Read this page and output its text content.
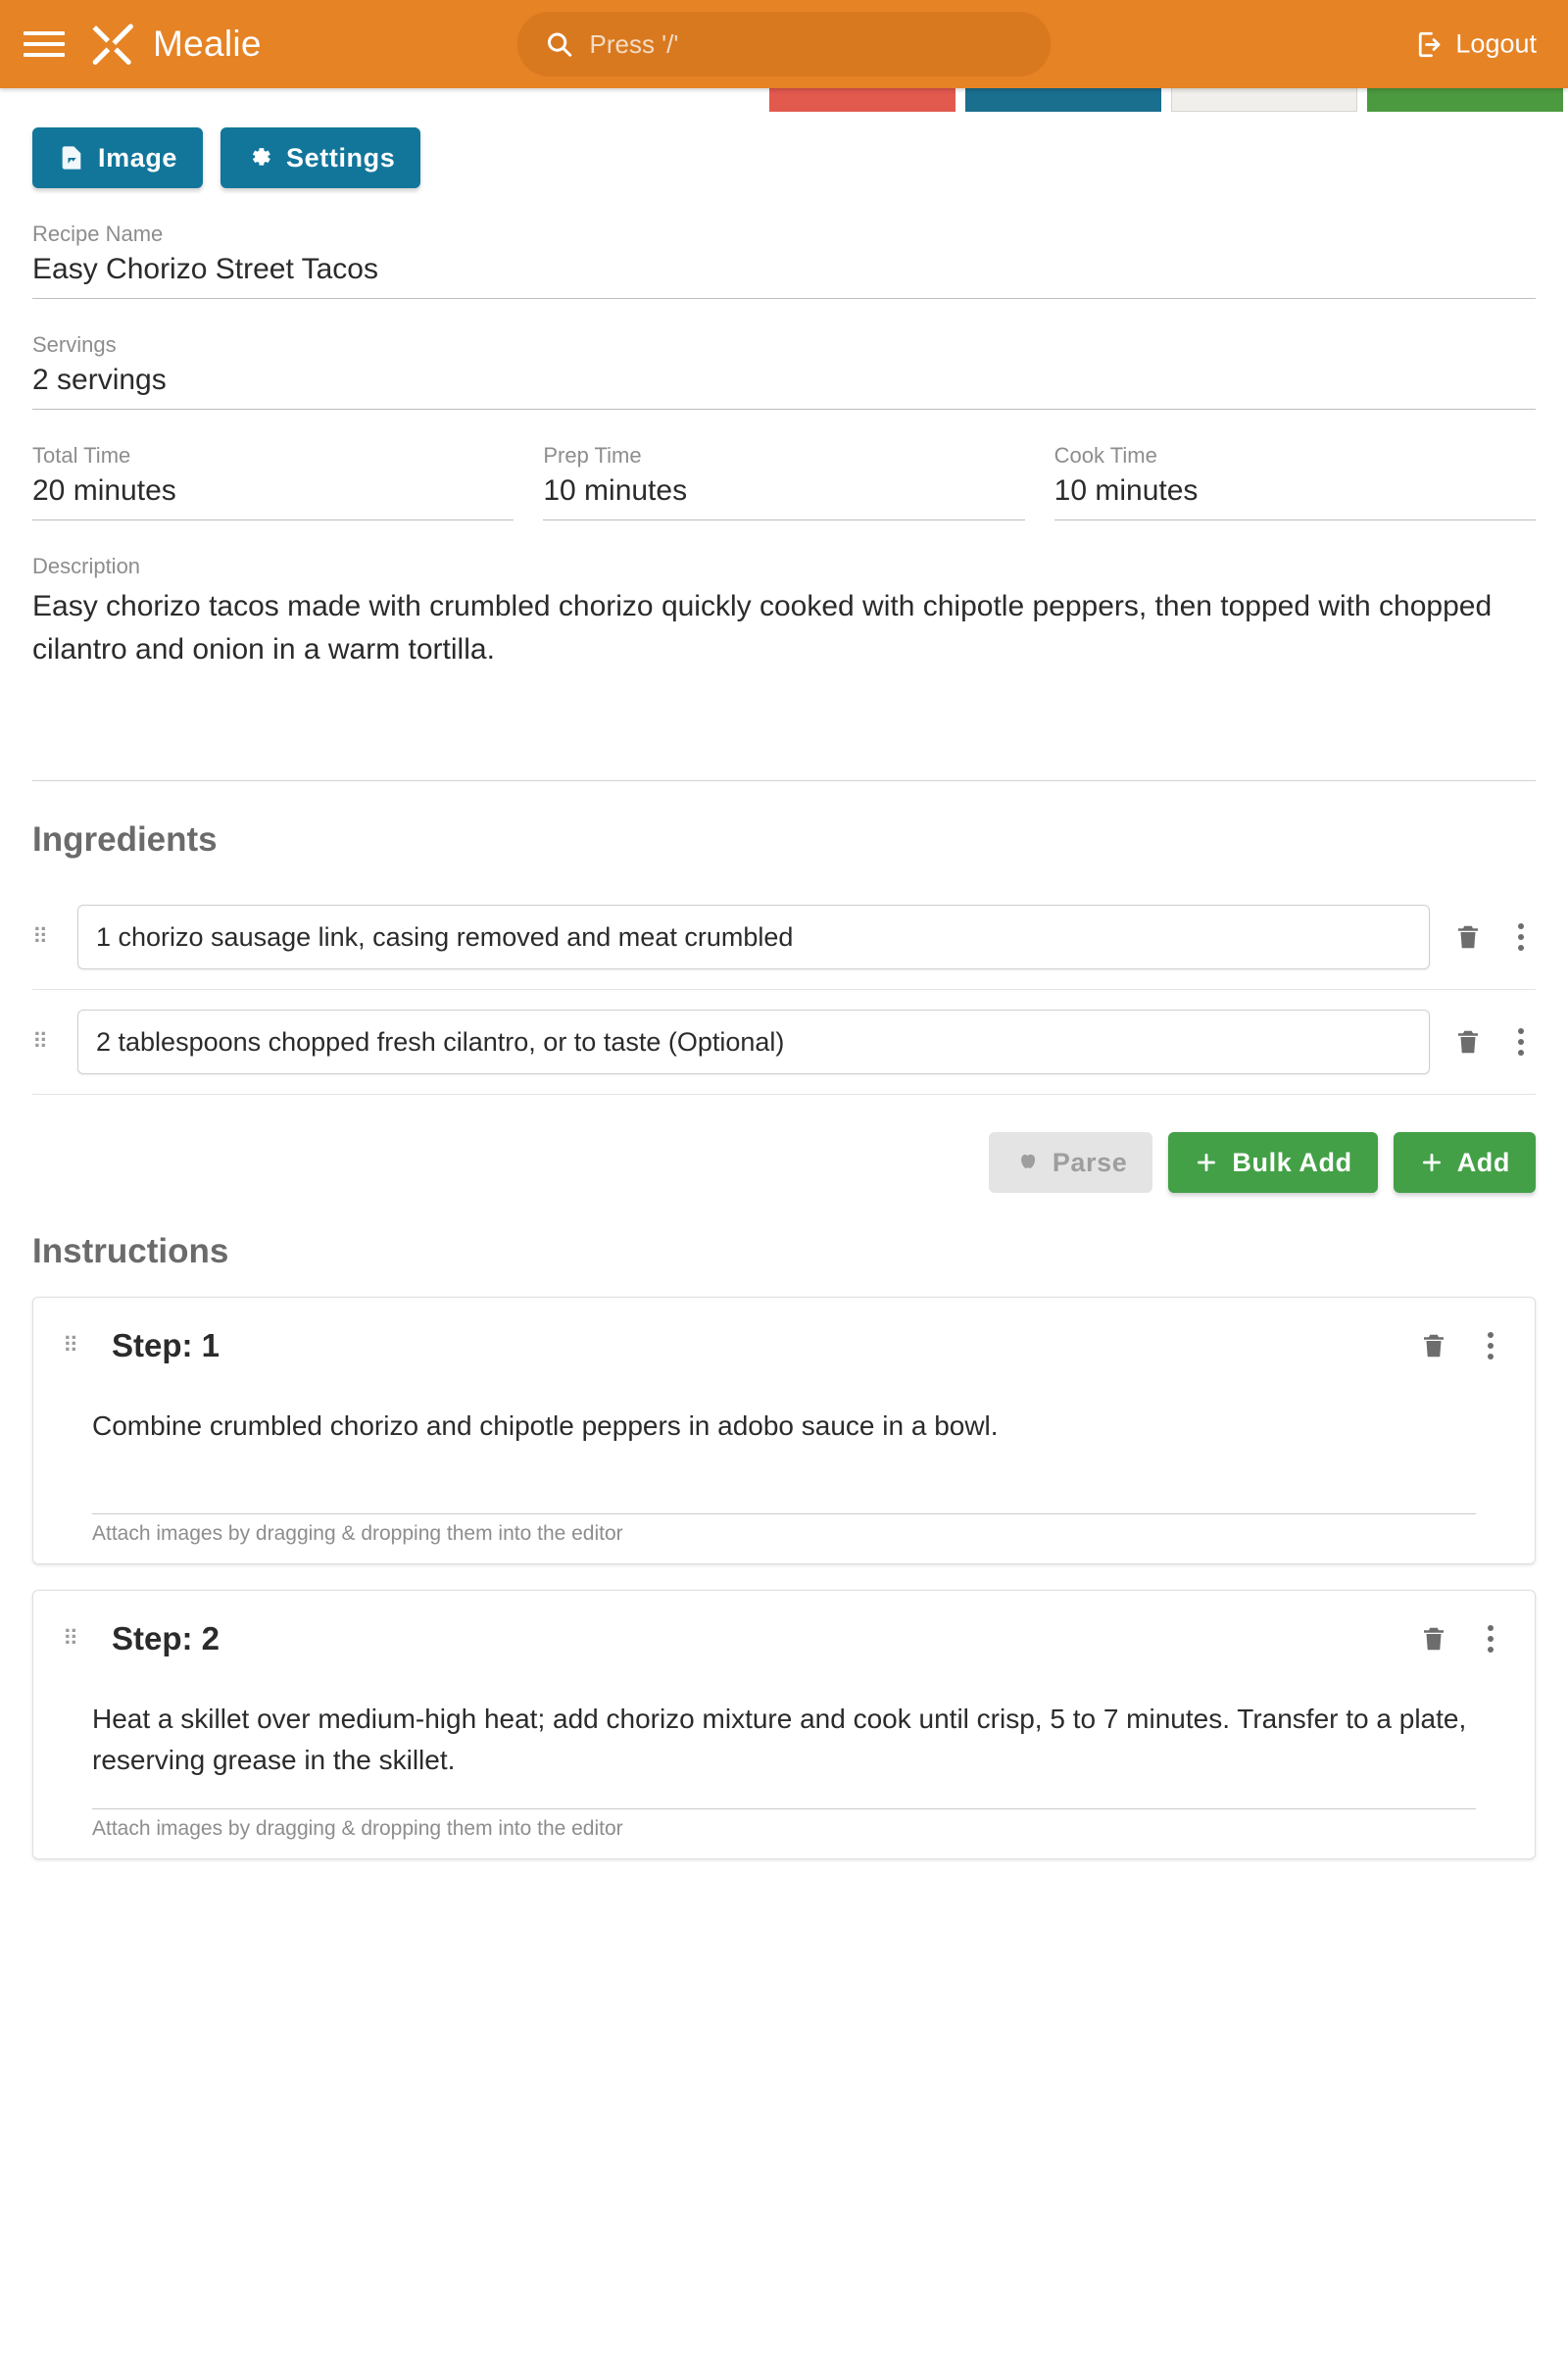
Mealie	Press '/'	Logout
Image	Settings
Recipe Name
Easy Chorizo Street Tacos
Servings
2 servings
Total Time
20 minutes
Prep Time
10 minutes
Cook Time
10 minutes
Description
Easy chorizo tacos made with crumbled chorizo quickly cooked with chipotle peppers, then topped with chopped cilantro and onion in a warm tortilla.
Ingredients
⠿	1 chorizo sausage link, casing removed and meat crumbled
⠿	2 tablespoons chopped fresh cilantro, or to taste (Optional)
Parse	Bulk Add	Add
Instructions
⠿ Step: 1
Combine crumbled chorizo and chipotle peppers in adobo sauce in a bowl.
Attach images by dragging & dropping them into the editor
⠿ Step: 2
Heat a skillet over medium-high heat; add chorizo mixture and cook until crisp, 5 to 7 minutes. Transfer to a plate, reserving grease in the skillet.
Attach images by dragging & dropping them into the editor
